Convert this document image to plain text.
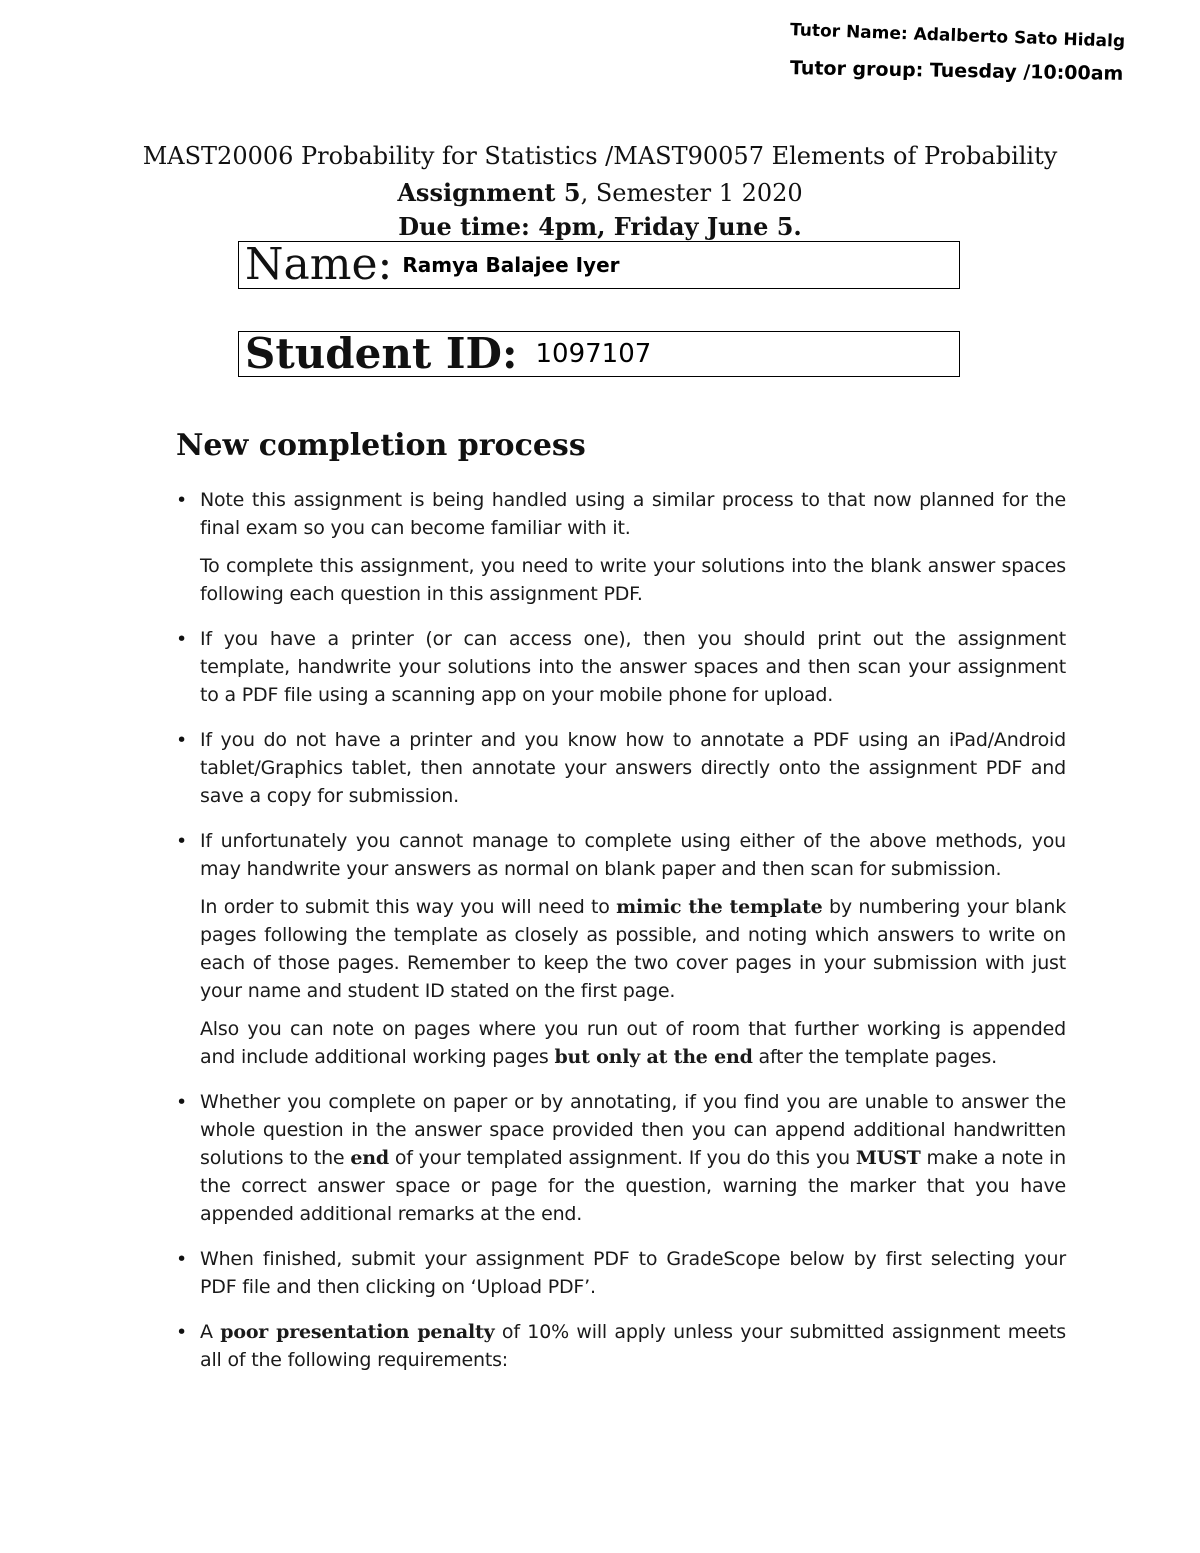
Tutor Name: Adalberto Sato Hidalg
Tutor group: Tuesday /10:00am
MAST20006 Probability for Statistics /MAST90057 Elements of Probability
Assignment 5, Semester 1 2020
Due time: 4pm, Friday June 5.
Name: Ramya Balajee Iyer
Student ID: 1097107
New completion process
• Note this assignment is being handled using a similar process to that now planned for the final exam so you can become familiar with it.

To complete this assignment, you need to write your solutions into the blank answer spaces following each question in this assignment PDF.

• If you have a printer (or can access one), then you should print out the assignment template, handwrite your solutions into the answer spaces and then scan your assignment to a PDF file using a scanning app on your mobile phone for upload.

• If you do not have a printer and you know how to annotate a PDF using an iPad/Android tablet/Graphics tablet, then annotate your answers directly onto the assignment PDF and save a copy for submission.

• If unfortunately you cannot manage to complete using either of the above methods, you may handwrite your answers as normal on blank paper and then scan for submission.

In order to submit this way you will need to mimic the template by numbering your blank pages following the template as closely as possible, and noting which answers to write on each of those pages. Remember to keep the two cover pages in your submission with just your name and student ID stated on the first page.

Also you can note on pages where you run out of room that further working is appended and include additional working pages but only at the end after the template pages.

• Whether you complete on paper or by annotating, if you find you are unable to answer the whole question in the answer space provided then you can append additional handwritten solutions to the end of your templated assignment. If you do this you MUST make a note in the correct answer space or page for the question, warning the marker that you have appended additional remarks at the end.

• When finished, submit your assignment PDF to GradeScope below by first selecting your PDF file and then clicking on ‘Upload PDF’.

• A poor presentation penalty of 10% will apply unless your submitted assignment meets all of the following requirements:
